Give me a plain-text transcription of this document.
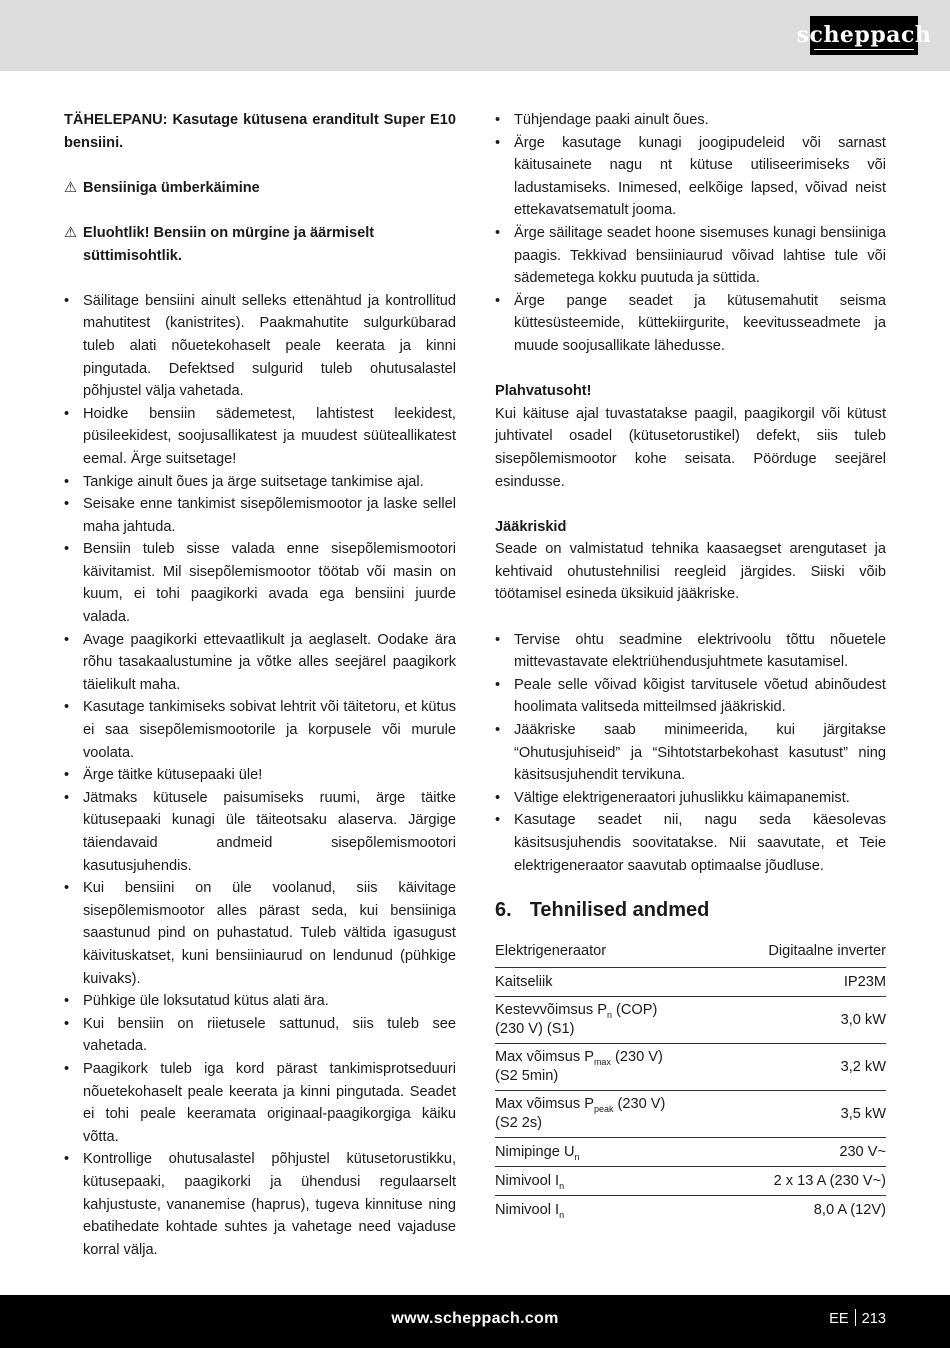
scheppach

TÄHELEPANU: Kasutage kütusena eranditult Super E10 bensiini.

⚠ Bensiiniga ümberkäimine
⚠ Eluohtlik! Bensiin on mürgine ja äärmiselt süttimisohtlik.
• Säilitage bensiini ainult selleks ettenähtud ja kontrollitud mahutitest (kanistrites). Paakmahutite sulgurkübarad tuleb alati nõuetekohaselt peale keerata ja kinni pingutada. Defektsed sulgurid tuleb ohutusalastel põhjustel välja vahetada.
• Hoidke bensiin sädemetest, lahtistest leekidest, püsileekidest, soojusallikatest ja muudest süüteallikatest eemal. Ärge suitsetage!
• Tankige ainult õues ja ärge suitsetage tankimise ajal.
• Seisake enne tankimist sisepõlemismootor ja laske sellel maha jahtuda.
• Bensiin tuleb sisse valada enne sisepõlemismootori käivitamist. Mil sisepõlemismootor töötab või masin on kuum, ei tohi paagikorki avada ega bensiini juurde valada.
• Avage paagikorki ettevaatlikult ja aeglaselt. Oodake ära rõhu tasakaalustumine ja võtke alles seejärel paagikork täielikult maha.
• Kasutage tankimiseks sobivat lehtrit või täitetoru, et kütus ei saa sisepõlemismootorile ja korpusele või murule voolata.
• Ärge täitke kütusepaaki üle!
• Jätmaks kütusele paisumiseks ruumi, ärge täitke kütusepaaki kunagi üle täiteotsaku alaserva. Järgige täiendavaid andmeid sisepõlemismootori kasutusjuhendis.
• Kui bensiini on üle voolanud, siis käivitage sisepõlemismootor alles pärast seda, kui bensiiniga saastunud pind on puhastatud. Tuleb vältida igasugust käivituskatset, kuni bensiiniaurud on lendunud (pühkige kuivaks).
• Pühkige üle loksutatud kütus alati ära.
• Kui bensiin on riietusele sattunud, siis tuleb see vahetada.
• Paagikork tuleb iga kord pärast tankimisprotseduuri nõuetekohaselt peale keerata ja kinni pingutada. Seadet ei tohi peale keeramata originaal-paagikorgiga käiku võtta.
• Kontrollige ohutusalastel põhjustel kütusetorustikku, kütusepaaki, paagikorki ja ühendusi regulaarselt kahjustuste, vananemise (haprus), tugeva kinnituse ning ebatihedate kohtade suhtes ja vahetage need vajaduse korral välja.
• Tühjendage paaki ainult õues.
• Ärge kasutage kunagi joogipudeleid või sarnast käitusainete nagu nt kütuse utiliseerimiseks või ladustamiseks. Inimesed, eelkõige lapsed, võivad neist ettekavatsematult jooma.
• Ärge säilitage seadet hoone sisemuses kunagi bensiiniga paagis. Tekkivad bensiiniaurud võivad lahtise tule või sädemetega kokku puutuda ja süttida.
• Ärge pange seadet ja kütusemahutit seisma küttesüsteemide, küttekiirgurite, keevitusseadmete ja muude soojusallikate lähedusse.

Plahvatusoht!

Kui käituse ajal tuvastatakse paagil, paagikorgil või kütust juhtivatel osadel (kütusetorustikel) defekt, siis tuleb sisepõlemismootor kohe seisata. Pöörduge seejärel esindusse.

Jääkriskid

Seade on valmistatud tehnika kaasaegset arengutaset ja kehtivaid ohutustehnilisi reegleid järgides. Siiski võib töötamisel esineda üksikuid jääkriske.

• Tervise ohtu seadmine elektrivoolu tõttu nõuetele mittevastavate elektriühendusjuhtmete kasutamisel.
• Peale selle võivad kõigist tarvitusele võetud abinõudest hoolimata valitseda mitteilmsed jääkriskid.
• Jääkriske saab minimeerida, kui järgitakse “Ohutusjuhiseid” ja “Sihtotstarbekohast kasutust” ning käsitsusjuhendit tervikuna.
• Vältige elektrigeneraatori juhuslikku käimapanemist.
• Kasutage seadet nii, nagu seda käesolevas käsitsusjuhendis soovitatakse. Nii saavutate, et Teie elektrigeneraator saavutab optimaalse jõudluse.
6. Tehnilised andmed
Elektrigeneraator	Digitaalne inverter
Kaitseliik	IP23M
Kestevvõimsus $P_n$ (COP)
(230 V) (S1)	3,0 kW
Max võimsus $P_{max}$ (230 V)
(S2 5min)	3,2 kW
Max võimsus $P_{peak}$ (230 V)
(S2 2s)	3,5 kW
Nimipinge $U_n$	230 V~
Nimivool $I_n$	2 x 13 A (230 V~)
Nimivool $I_n$	8,0 A (12V)
www.scheppach.com	EE 213
